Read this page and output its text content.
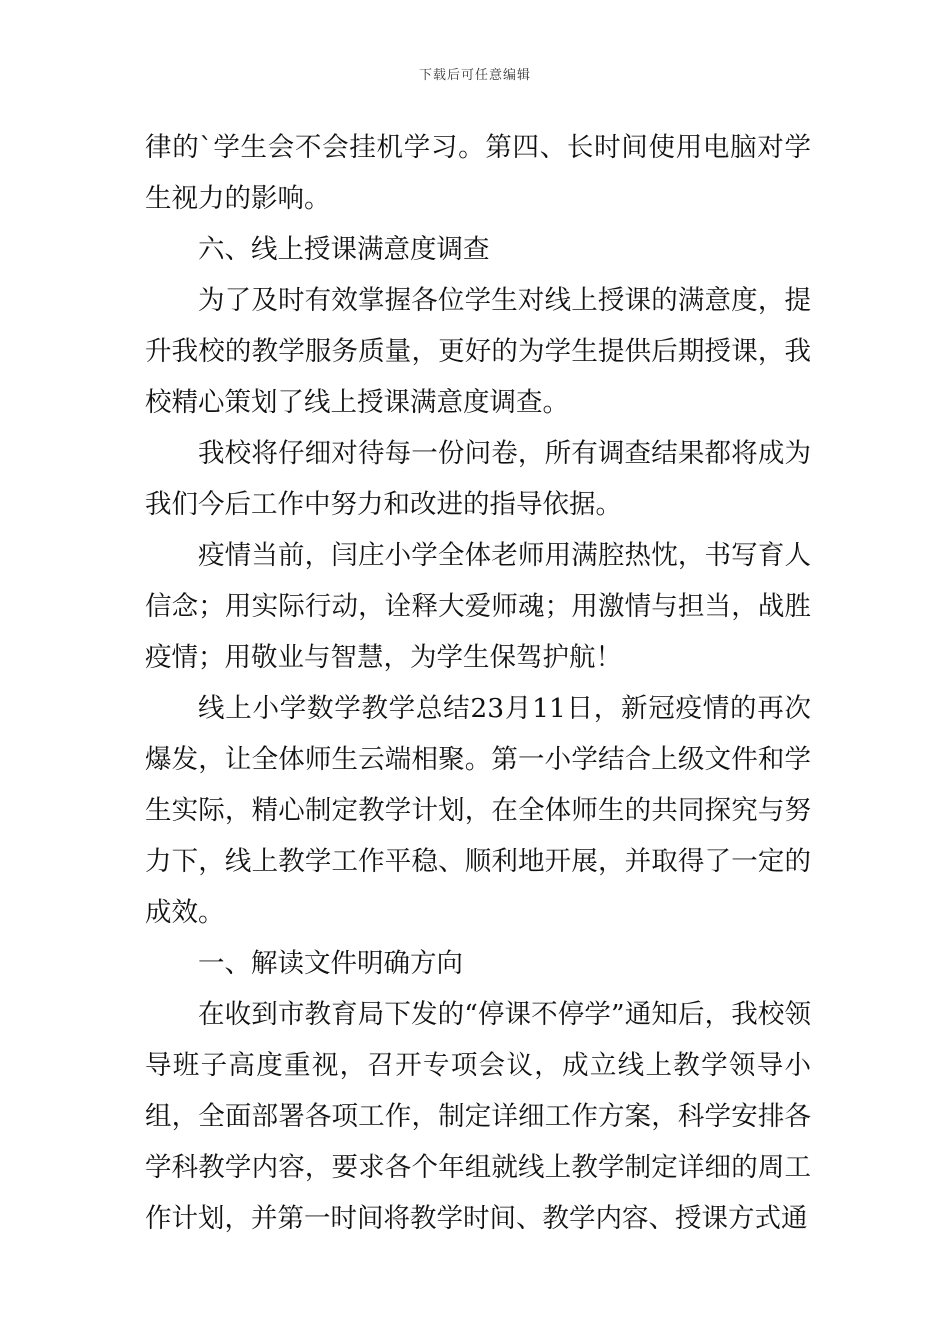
下载后可任意编辑

律的`学生会不会挂机学习。第四、长时间使用电脑对学生视力的影响。

六、线上授课满意度调查

为了及时有效掌握各位学生对线上授课的满意度，提升我校的教学服务质量，更好的为学生提供后期授课，我校精心策划了线上授课满意度调查。

我校将仔细对待每一份问卷，所有调查结果都将成为我们今后工作中努力和改进的指导依据。

疫情当前，闫庄小学全体老师用满腔热忱，书写育人信念；用实际行动，诠释大爱师魂；用激情与担当，战胜疫情；用敬业与智慧，为学生保驾护航！

线上小学数学教学总结23月11日，新冠疫情的再次爆发，让全体师生云端相聚。第一小学结合上级文件和学生实际，精心制定教学计划，在全体师生的共同探究与努力下，线上教学工作平稳、顺利地开展，并取得了一定的成效。

一、解读文件明确方向

在收到市教育局下发的“停课不停学”通知后，我校领导班子高度重视，召开专项会议，成立线上教学领导小组，全面部署各项工作，制定详细工作方案，科学安排各学科教学内容，要求各个年组就线上教学制定详细的周工作计划，并第一时间将教学时间、教学内容、授课方式通
